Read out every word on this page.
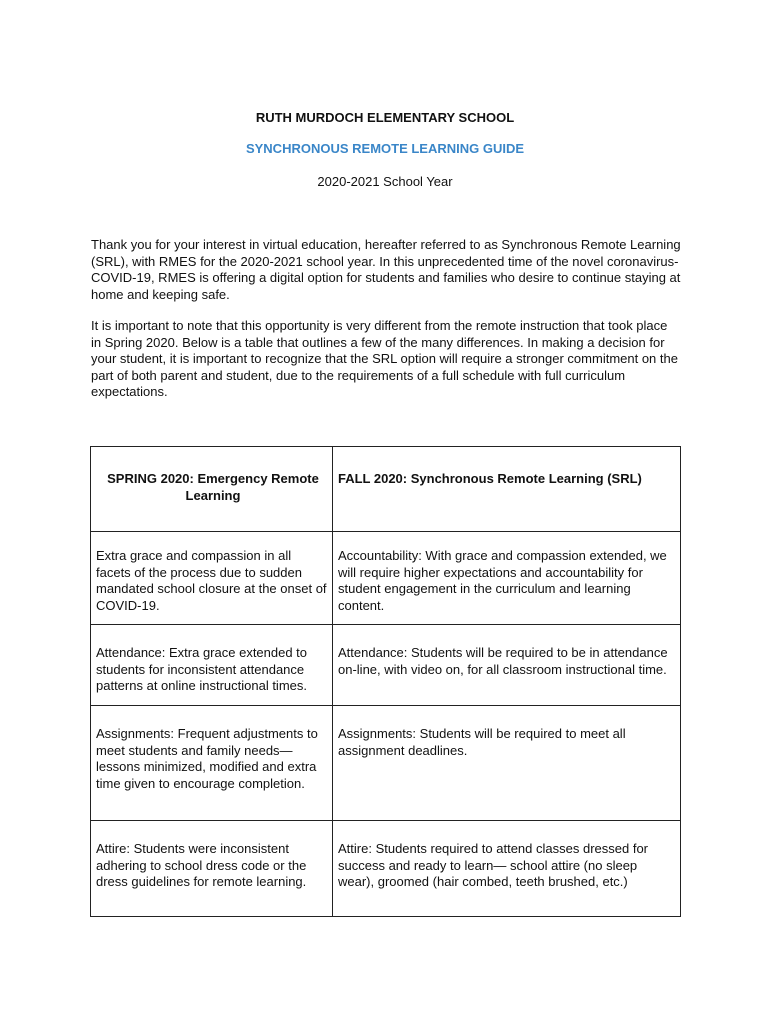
RUTH MURDOCH ELEMENTARY SCHOOL
SYNCHRONOUS REMOTE LEARNING GUIDE
2020-2021 School Year

Thank you for your interest in virtual education, hereafter referred to as Synchronous Remote Learning (SRL), with RMES for the 2020-2021 school year. In this unprecedented time of the novel coronavirus-COVID-19, RMES is offering a digital option for students and families who desire to continue staying at home and keeping safe.

It is important to note that this opportunity is very different from the remote instruction that took place in Spring 2020. Below is a table that outlines a few of the many differences. In making a decision for your student, it is important to recognize that the SRL option will require a stronger commitment on the part of both parent and student, due to the requirements of a full schedule with full curriculum expectations.

SPRING 2020: Emergency Remote Learning	FALL 2020: Synchronous Remote Learning (SRL)
Extra grace and compassion in all facets of the process due to sudden mandated school closure at the onset of COVID-19.	Accountability: With grace and compassion extended, we will require higher expectations and accountability for student engagement in the curriculum and learning content.
Attendance: Extra grace extended to students for inconsistent attendance patterns at online instructional times.	Attendance: Students will be required to be in attendance on-line, with video on, for all classroom instructional time.
Assignments: Frequent adjustments to meet students and family needs—lessons minimized, modified and extra time given to encourage completion.	Assignments: Students will be required to meet all assignment deadlines.
Attire: Students were inconsistent adhering to school dress code or the dress guidelines for remote learning.	Attire: Students required to attend classes dressed for success and ready to learn— school attire (no sleep wear), groomed (hair combed, teeth brushed, etc.)
